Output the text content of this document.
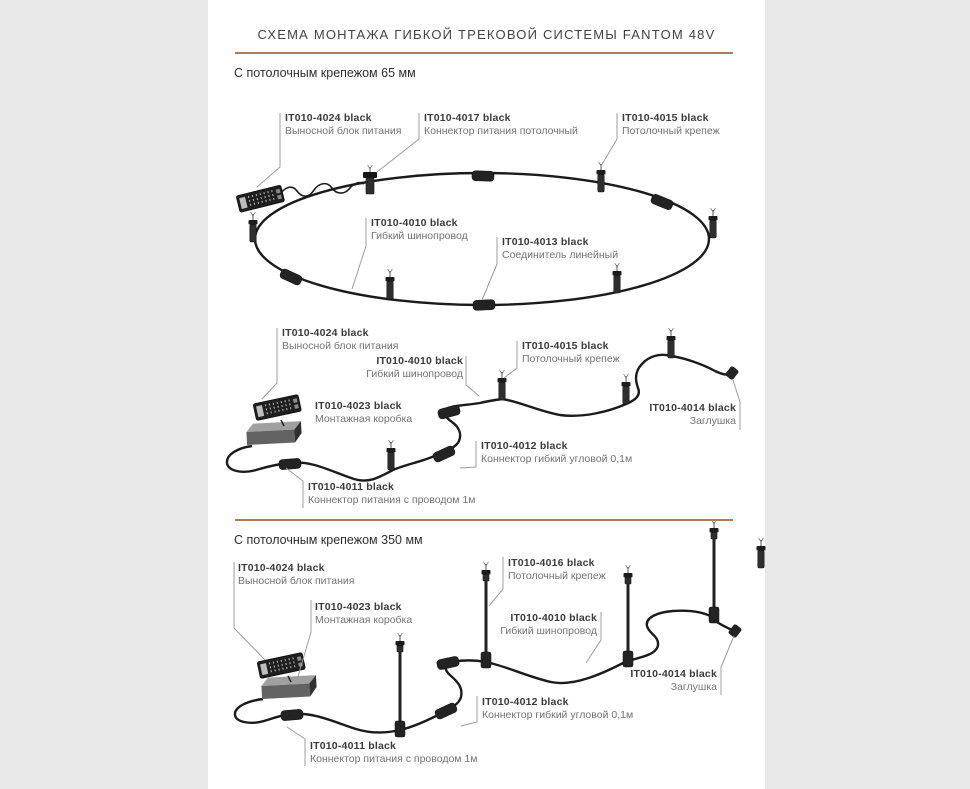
СХЕМА МОНТАЖА ГИБКОЙ ТРЕКОВОЙ СИСТЕМЫ FANTOM 48V
С потолочным крепежом 65 мм
С потолочным крепежом 350 мм
IT010-4024 black
Выносной блок питания
IT010-4017 black
Коннектор питания потолочный
IT010-4015 black
Потолочный крепеж
IT010-4010 black
Гибкий шинопровод	IT010-4013 black
Соединитель линейный
IT010-4024 black
Выносной блок питания
IT010-4010 black
Гибкий шинопровод
IT010-4015 black
Потолочный крепеж
IT010-4023 black
Монтажная коробка
IT010-4014 black
Заглушка
IT010-4012 black
Коннектор гибкий угловой 0,1м
IT010-4011 black
Коннектор питания с проводом 1м
IT010-4024 black
Выносной блок питания
IT010-4023 black
Монтажная коробка
IT010-4016 black
Потолочный крепеж
IT010-4010 black
Гибкий шинопровод
IT010-4014 black
Заглушка
IT010-4012 black
Коннектор гибкий угловой 0,1м
IT010-4011 black
Коннектор питания с проводом 1м
